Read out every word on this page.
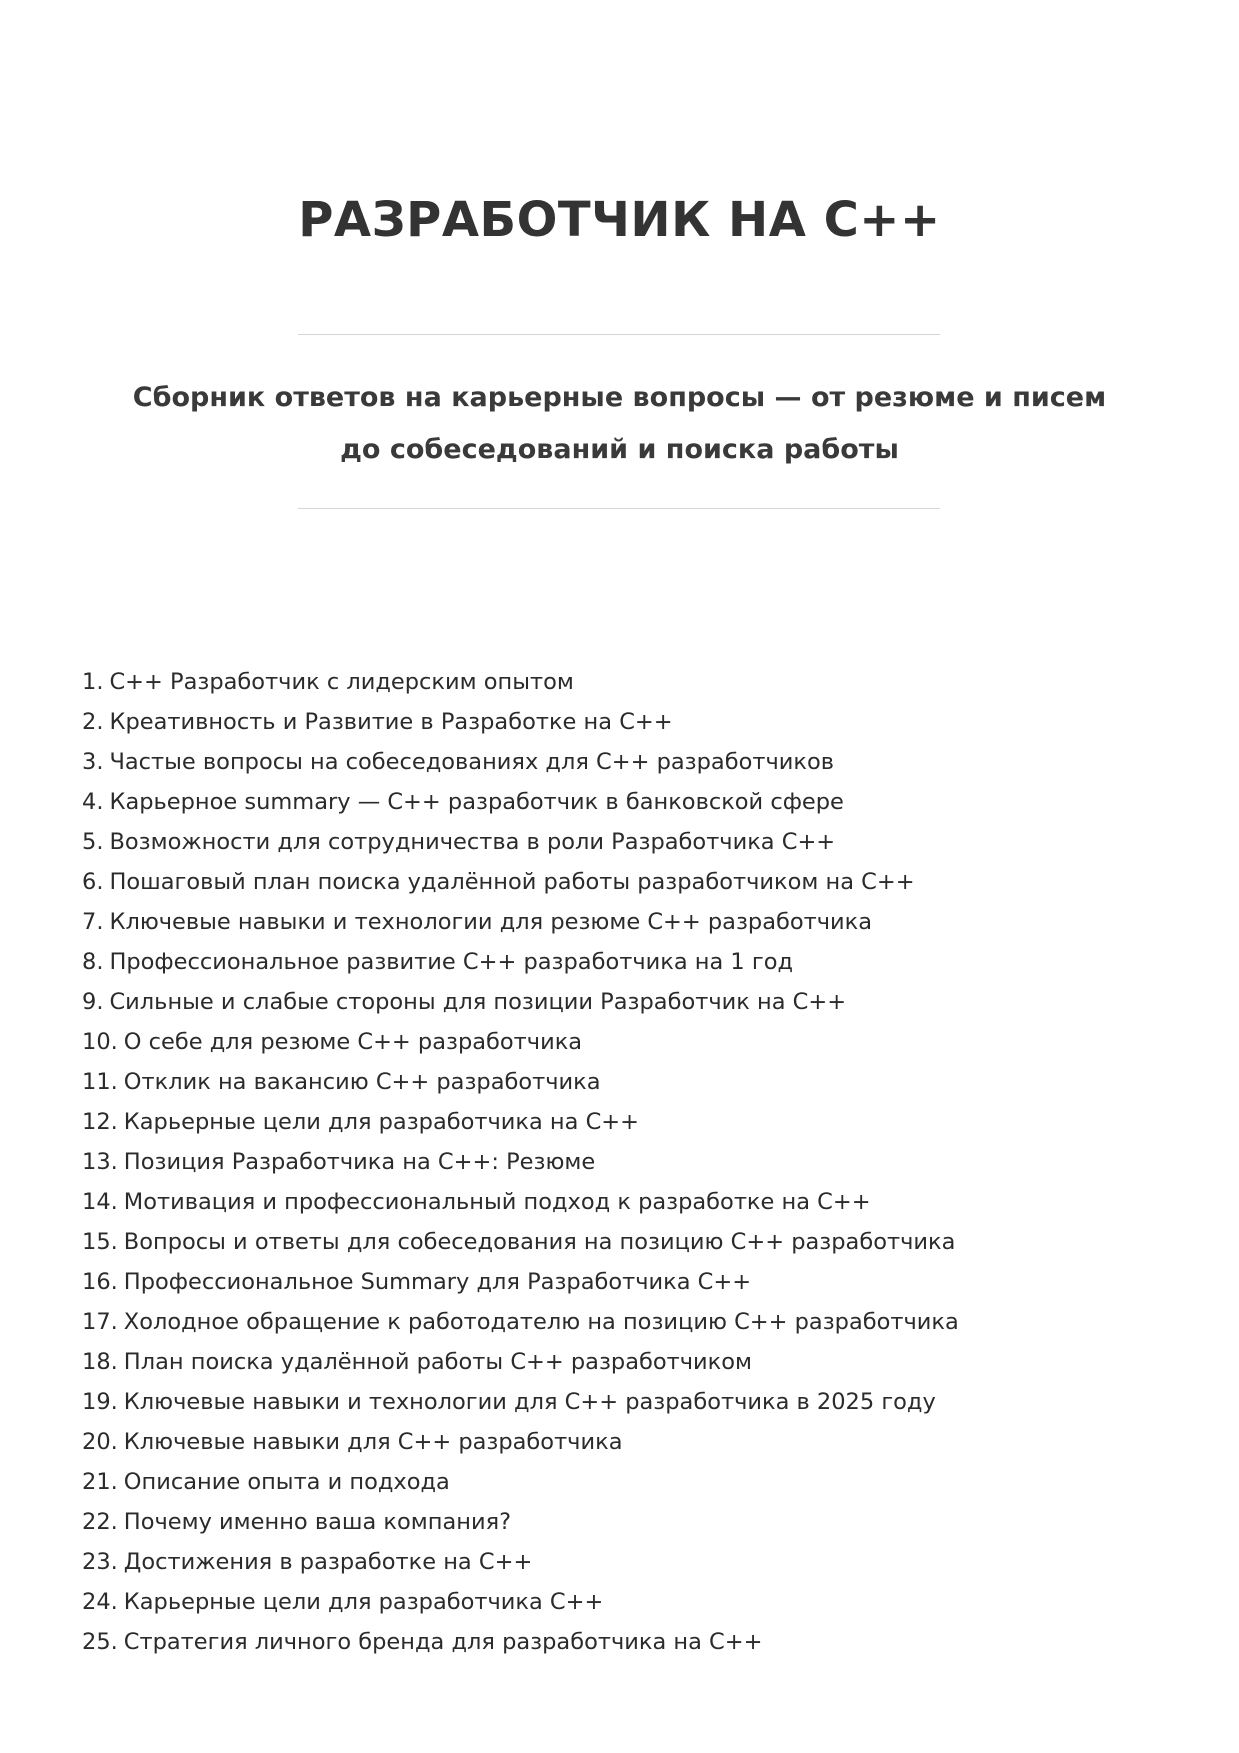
РАЗРАБОТЧИК НА C++

Сборник ответов на карьерные вопросы — от резюме и писем до собеседований и поиска работы

1. C++ Разработчик с лидерским опытом
2. Креативность и Развитие в Разработке на C++
3. Частые вопросы на собеседованиях для C++ разработчиков
4. Карьерное summary — C++ разработчик в банковской сфере
5. Возможности для сотрудничества в роли Разработчика C++
6. Пошаговый план поиска удалённой работы разработчиком на C++
7. Ключевые навыки и технологии для резюме C++ разработчика
8. Профессиональное развитие C++ разработчика на 1 год
9. Сильные и слабые стороны для позиции Разработчик на C++
10. О себе для резюме C++ разработчика
11. Отклик на вакансию C++ разработчика
12. Карьерные цели для разработчика на C++
13. Позиция Разработчика на C++: Резюме
14. Мотивация и профессиональный подход к разработке на C++
15. Вопросы и ответы для собеседования на позицию C++ разработчика
16. Профессиональное Summary для Разработчика C++
17. Холодное обращение к работодателю на позицию C++ разработчика
18. План поиска удалённой работы C++ разработчиком
19. Ключевые навыки и технологии для C++ разработчика в 2025 году
20. Ключевые навыки для C++ разработчика
21. Описание опыта и подхода
22. Почему именно ваша компания?
23. Достижения в разработке на C++
24. Карьерные цели для разработчика C++
25. Стратегия личного бренда для разработчика на C++
